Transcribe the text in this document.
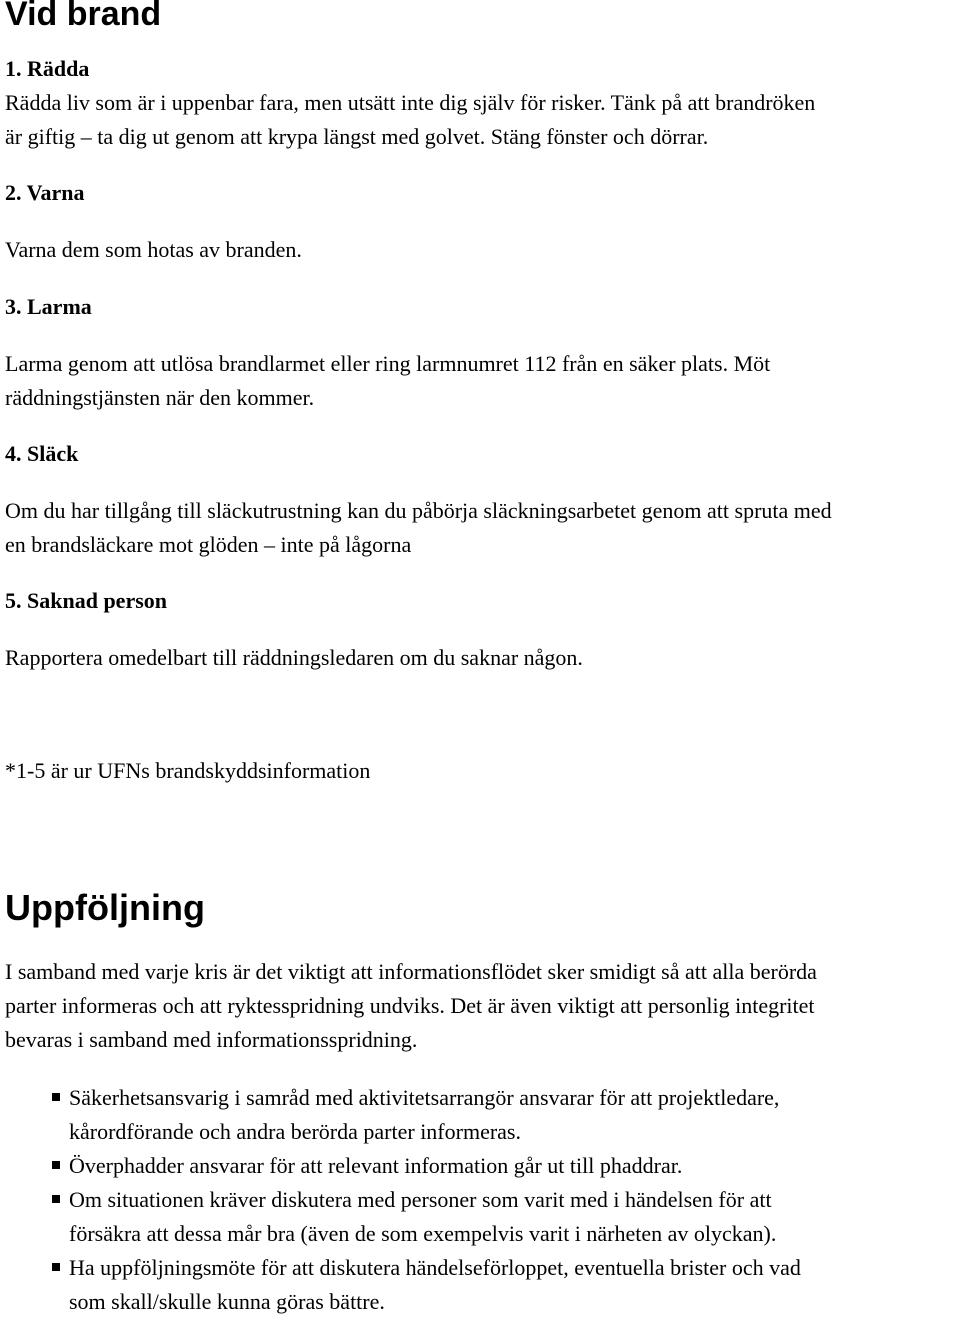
Vid brand
1. Rädda

Rädda liv som är i uppenbar fara, men utsätt inte dig själv för risker. Tänk på att brandröken
är giftig – ta dig ut genom att krypa längst med golvet. Stäng fönster och dörrar.

2. Varna

Varna dem som hotas av branden.

3. Larma

Larma genom att utlösa brandlarmet eller ring larmnumret 112 från en säker plats. Möt
räddningstjänsten när den kommer.

4. Släck

Om du har tillgång till släckutrustning kan du påbörja släckningsarbetet genom att spruta med
en brandsläckare mot glöden – inte på lågorna

5. Saknad person

Rapportera omedelbart till räddningsledaren om du saknar någon.

*1-5 är ur UFNs brandskyddsinformation

Uppföljning

I samband med varje kris är det viktigt att informationsflödet sker smidigt så att alla berörda
parter informeras och att ryktesspridning undviks. Det är även viktigt att personlig integritet
bevaras i samband med informationsspridning.

Säkerhetsansvarig i samråd med aktivitetsarrangör ansvarar för att projektledare,
kårordförande och andra berörda parter informeras.
Överphadder ansvarar för att relevant information går ut till phaddrar.
Om situationen kräver diskutera med personer som varit med i händelsen för att
försäkra att dessa mår bra (även de som exempelvis varit i närheten av olyckan).
Ha uppföljningsmöte för att diskutera händelseförloppet, eventuella brister och vad
som skall/skulle kunna göras bättre.
